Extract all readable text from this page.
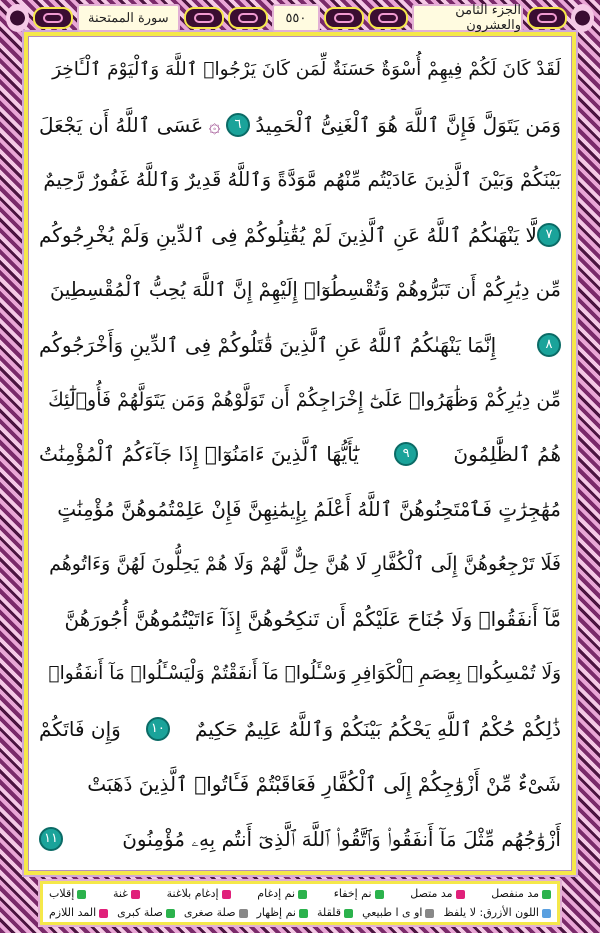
سورة الممتحنة	٥٥٠	الجزء الثامن والعشرون
لَقَدْ كَانَ لَكُمْ فِيهِمْ أُسْوَةٌ حَسَنَةٌ لِّمَن كَانَ يَرْجُوا۟ ٱللَّهَ وَٱلْيَوْمَ ٱلْـَٔاخِرَ
وَمَن يَتَوَلَّ فَإِنَّ ٱللَّهَ هُوَ ٱلْغَنِىُّ ٱلْحَمِيدُ
٦
۞
عَسَى ٱللَّهُ أَن يَجْعَلَ
بَيْنَكُمْ وَبَيْنَ ٱلَّذِينَ عَادَيْتُم مِّنْهُم مَّوَدَّةً وَٱللَّهُ قَدِيرٌ وَٱللَّهُ غَفُورٌ رَّحِيمٌ
٧
لَّا يَنْهَىٰكُمُ ٱللَّهُ عَنِ ٱلَّذِينَ لَمْ يُقَٰتِلُوكُمْ فِى ٱلدِّينِ وَلَمْ يُخْرِجُوكُم
مِّن دِيَٰرِكُمْ أَن تَبَرُّوهُمْ وَتُقْسِطُوٓا۟ إِلَيْهِمْ إِنَّ ٱللَّهَ يُحِبُّ ٱلْمُقْسِطِينَ
٨
إِنَّمَا يَنْهَىٰكُمُ ٱللَّهُ عَنِ ٱلَّذِينَ قَٰتَلُوكُمْ فِى ٱلدِّينِ وَأَخْرَجُوكُم
مِّن دِيَٰرِكُمْ وَظَٰهَرُوا۟ عَلَىٰٓ إِخْرَاجِكُمْ أَن تَوَلَّوْهُمْ وَمَن يَتَوَلَّهُمْ فَأُو۟لَٰٓئِكَ
هُمُ ٱلظَّٰلِمُونَ
٩
يَٰٓأَيُّهَا ٱلَّذِينَ ءَامَنُوٓا۟ إِذَا جَآءَكُمُ ٱلْمُؤْمِنَٰتُ
مُهَٰجِرَٰتٍ فَٱمْتَحِنُوهُنَّ ٱللَّهُ أَعْلَمُ بِإِيمَٰنِهِنَّ فَإِنْ عَلِمْتُمُوهُنَّ مُؤْمِنَٰتٍ
فَلَا تَرْجِعُوهُنَّ إِلَى ٱلْكُفَّارِ لَا هُنَّ حِلٌّ لَّهُمْ وَلَا هُمْ يَحِلُّونَ لَهُنَّ وَءَاتُوهُم
مَّآ أَنفَقُوا۟ وَلَا جُنَاحَ عَلَيْكُمْ أَن تَنكِحُوهُنَّ إِذَآ ءَاتَيْتُمُوهُنَّ أُجُورَهُنَّ
وَلَا تُمْسِكُوا۟ بِعِصَمِ ٱلْكَوَافِرِ وَسْـَٔلُوا۟ مَآ أَنفَقْتُمْ وَلْيَسْـَٔلُوا۟ مَآ أَنفَقُوا۟
ذَٰلِكُمْ حُكْمُ ٱللَّهِ يَحْكُمُ بَيْنَكُمْ وَٱللَّهُ عَلِيمٌ حَكِيمٌ
١٠
وَإِن فَاتَكُمْ
شَىْءٌ مِّنْ أَزْوَٰجِكُمْ إِلَى ٱلْكُفَّارِ فَعَاقَبْتُمْ فَـَٔاتُوا۟ ٱلَّذِينَ ذَهَبَتْ
أَزْوَٰجُهُم مِّثْلَ مَآ أَنفَقُوا۟ وَٱتَّقُوا۟ ٱللَّهَ ٱلَّذِىٓ أَنتُم بِهِۦ مُؤْمِنُونَ
١١
مد منفصل
مد متصل
نم إخفاء
نم إدغام
إدغام بلاغنة
غنة
إقلاب
اللون الأزرق: لا يلفظ
او ى ا طبيعي
قلقلة
نم إظهار
صلة صغرى
صلة كبرى
المد اللازم
